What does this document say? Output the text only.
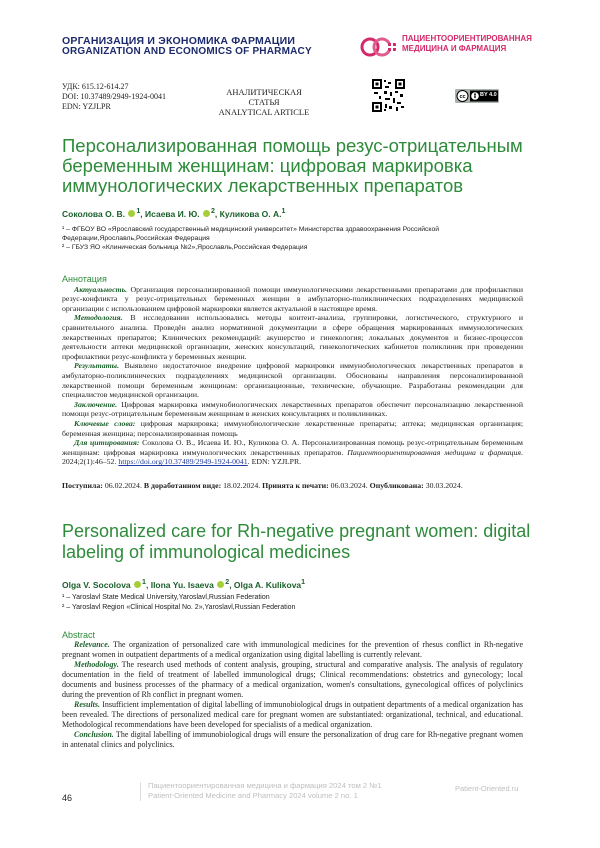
ОРГАНИЗАЦИЯ И ЭКОНОМИКА ФАРМАЦИИ
ORGANIZATION AND ECONOMICS OF PHARMACY
ПАЦИЕНТООРИЕНТИРОВАННАЯ
МЕДИЦИНА И ФАРМАЦИЯ
УДК: 615.12-614.27
DOI: 10.37489/2949-1924-0041
EDN: YZJLPR
АНАЛИТИЧЕСКАЯ СТАТЬЯ
ANALYTICAL ARTICLE
cc	BY 4.0
Персонализированная помощь резус-отрицательным беременным женщинам: цифровая маркировка иммунологических лекарственных препаратов
Соколова О. В. $^1$, Исаева И. Ю. $^2$, Куликова О. А.$^1$
¹ – ФГБОУ ВО «Ярославский государственный медицинский университет» Министерства здравоохранения Российской Федерации,Ярославль,Российская Федерация
² – ГБУЗ ЯО «Клиническая больница №2»,Ярославль,Российская Федерация
Аннотация

Актуальность. Организация персонализированной помощи иммунологическими лекарственными препаратами для профилактики резус-конфликта у резус-отрицательных беременных женщин в амбулаторно-поликлинических подразделениях медицинской организации с использованием цифровой маркировки является актуальной в настоящее время.

Методология. В исследовании использовались методы контент-анализа, группировки, логистического, структурного и сравнительного анализа. Проведён анализ нормативной документации в сфере обращения маркированных иммунологических лекарственных препаратов; Клинических рекомендаций: акушерство и гинекология; локальных документов и бизнес-процессов деятельности аптеки медицинской организации, женских консультаций, гинекологических кабинетов поликлиник при проведении профилактики резус-конфликта у беременных женщин.

Результаты. Выявлено недостаточное внедрение цифровой маркировки иммунобиологических лекарственных препаратов в амбулаторно-поликлинических подразделениях медицинской организации. Обоснованы направления персонализированной лекарственной помощи беременным женщинам: организационные, технические, обучающие. Разработаны рекомендации для специалистов медицинской организации.

Заключение. Цифровая маркировка иммунобиологических лекарственных препаратов обеспечит персонализацию лекарственной помощи резус-отрицательным беременным женщинам в женских консультациях и поликлиниках.

Ключевые слова: цифровая маркировка; иммунобиологические лекарственные препараты; аптека; медицинская организация; беременная женщина; персонализированная помощь

Для цитирования: Соколова О. В., Исаева И. Ю., Куликова О. А. Персонализированная помощь резус-отрицательным беременным женщинам: цифровая маркировка иммунологических лекарственных препаратов. Пациентоориентированная медицина и фармация. 2024;2(1):46–52. https://doi.org/10.37489/2949-1924-0041. EDN: YZJLPR.

Поступила: 06.02.2024. В доработанном виде: 18.02.2024. Принята к печати: 06.03.2024. Опубликована: 30.03.2024.
Personalized care for Rh-negative pregnant women: digital labeling of immunological medicines
Olga V. Socolova $^1$, Ilona Yu. Isaeva $^2$, Olga A. Kulikova$^1$
¹ – Yaroslavl State Medical University,Yaroslavl,Russian Federation
² – Yaroslavl Region «Clinical Hospital No. 2»,Yaroslavl,Russian Federation
Abstract

Relevance. The organization of personalized care with immunological medicines for the prevention of rhesus conflict in Rh-negative pregnant women in outpatient departments of a medical organization using digital labelling is currently relevant.

Methodology. The research used methods of content analysis, grouping, structural and comparative analysis. The analysis of regulatory documentation in the field of treatment of labelled immunological drugs; Clinical recommendations: obstetrics and gynecology; local documents and business processes of the pharmacy of a medical organization, women's consultations, gynecological offices of polyclinics during the prevention of Rh conflict in pregnant women.

Results. Insufficient implementation of digital labelling of immunobiological drugs in outpatient departments of a medical organization has been revealed. The directions of personalized medical care for pregnant women are substantiated: organizational, technical, and educational. Methodological recommendations have been developed for specialists of a medical organization.

Conclusion. The digital labelling of immunobiological drugs will ensure the personalization of drug care for Rh-negative pregnant women in antenatal clinics and polyclinics.

46
Пациентоориентированная медицина и фармация 2024 том 2 №1
Patient-Oriented Medicine and Pharmacy 2024 volume 2 no. 1
Patient-Oriented.ru
